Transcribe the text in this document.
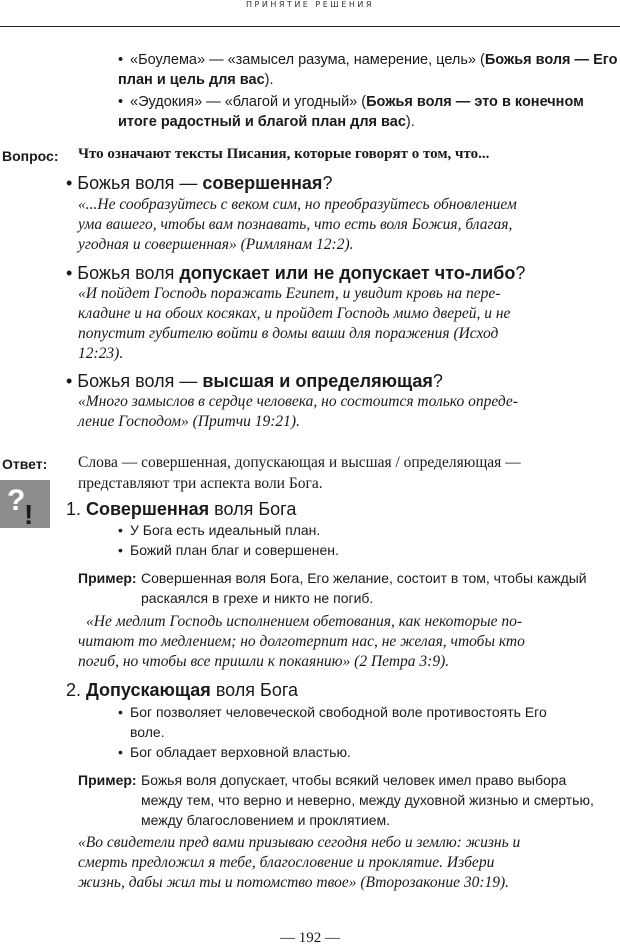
ПРИНЯТИЕ РЕШЕНИЯ
• «Боулема» — «замысел разума, намерение, цель» (Божья воля — Его план и цель для вас).
• «Эудокия» — «благой и угодный» (Божья воля — это в конечном итоге радостный и благой план для вас).
Вопрос: Что означают тексты Писания, которые говорят о том, что...
• Божья воля — совершенная?
«...Не сообразуйтесь с веком сим, но преобразуйтесь обновлением
ума вашего, чтобы вам познавать, что есть воля Божия, благая,
угодная и совершенная» (Римлянам 12:2).
• Божья воля допускает или не допускает что-либо?
«И пойдет Господь поражать Египет, и увидит кровь на пере-
кладине и на обоих косяках, и пройдет Господь мимо дверей, и не
попустит губителю войти в домы ваши для поражения (Исход
12:23).
• Божья воля — высшая и определяющая?
«Много замыслов в сердце человека, но состоится только опреде-
ление Господом» (Притчи 19:21).
Ответ: Слова — совершенная, допускающая и высшая / определяющая —
представляют три аспекта воли Бога.
?
! 1. Совершенная воля Бога
• У Бога есть идеальный план.
• Божий план благ и совершенен.
Пример: Совершенная воля Бога, Его желание, состоит в том, чтобы каждый
раскаялся в грехе и никто не погиб.
«Не медлит Господь исполнением обетования, как некоторые по-
читают то медлением; но долготерпит нас, не желая, чтобы кто
погиб, но чтобы все пришли к покаянию» (2 Петра 3:9).
2. Допускающая воля Бога
• Бог позволяет человеческой свободной воле противостоять Его
воле.
• Бог обладает верховной властью.
Пример: Божья воля допускает, чтобы всякий человек имел право выбора
между тем, что верно и неверно, между духовной жизнью и смертью,
между благословением и проклятием.
«Во свидетели пред вами призываю сегодня небо и землю: жизнь и
смерть предложил я тебе, благословение и проклятие. Избери
жизнь, дабы жил ты и потомство твое» (Второзаконие 30:19).
— 192 —
